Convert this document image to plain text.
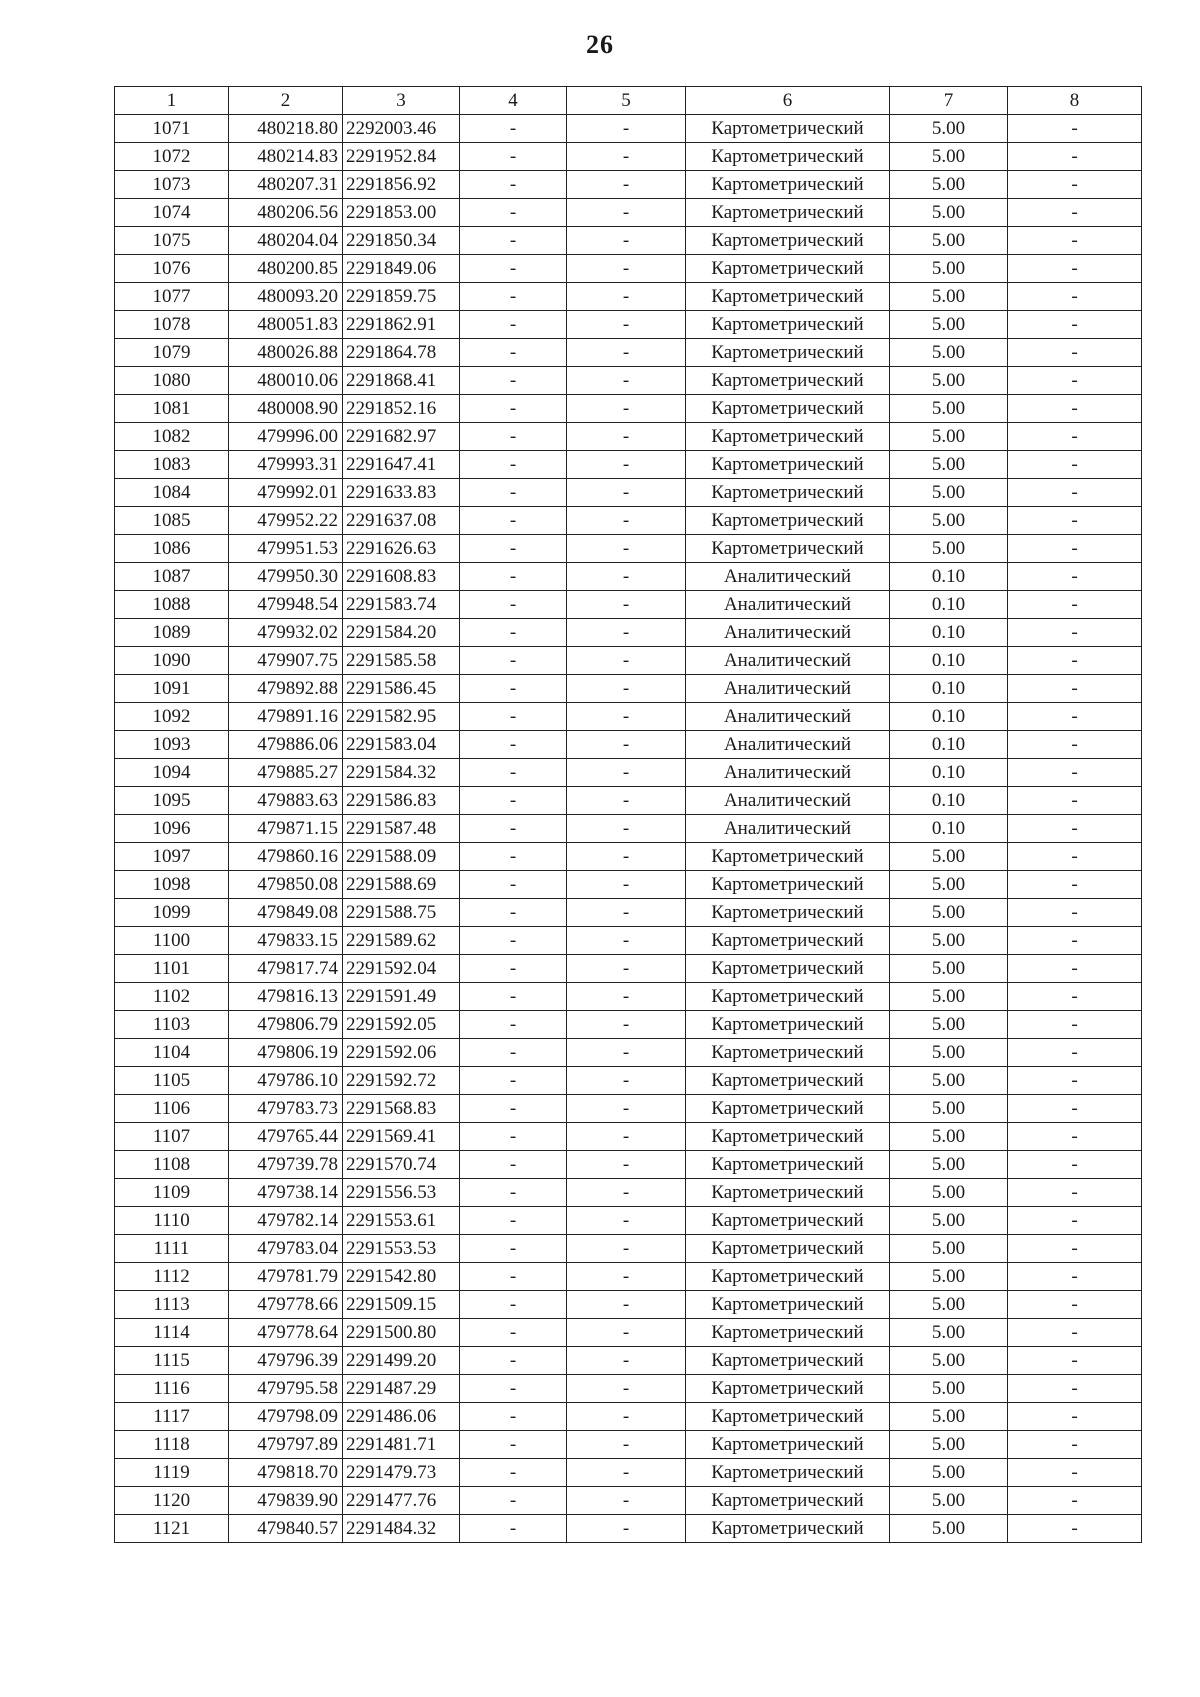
26
1	2	3	4	5	6	7	8
1071	480218.80	2292003.46	-	-	Картометрический	5.00	-
1072	480214.83	2291952.84	-	-	Картометрический	5.00	-
1073	480207.31	2291856.92	-	-	Картометрический	5.00	-
1074	480206.56	2291853.00	-	-	Картометрический	5.00	-
1075	480204.04	2291850.34	-	-	Картометрический	5.00	-
1076	480200.85	2291849.06	-	-	Картометрический	5.00	-
1077	480093.20	2291859.75	-	-	Картометрический	5.00	-
1078	480051.83	2291862.91	-	-	Картометрический	5.00	-
1079	480026.88	2291864.78	-	-	Картометрический	5.00	-
1080	480010.06	2291868.41	-	-	Картометрический	5.00	-
1081	480008.90	2291852.16	-	-	Картометрический	5.00	-
1082	479996.00	2291682.97	-	-	Картометрический	5.00	-
1083	479993.31	2291647.41	-	-	Картометрический	5.00	-
1084	479992.01	2291633.83	-	-	Картометрический	5.00	-
1085	479952.22	2291637.08	-	-	Картометрический	5.00	-
1086	479951.53	2291626.63	-	-	Картометрический	5.00	-
1087	479950.30	2291608.83	-	-	Аналитический	0.10	-
1088	479948.54	2291583.74	-	-	Аналитический	0.10	-
1089	479932.02	2291584.20	-	-	Аналитический	0.10	-
1090	479907.75	2291585.58	-	-	Аналитический	0.10	-
1091	479892.88	2291586.45	-	-	Аналитический	0.10	-
1092	479891.16	2291582.95	-	-	Аналитический	0.10	-
1093	479886.06	2291583.04	-	-	Аналитический	0.10	-
1094	479885.27	2291584.32	-	-	Аналитический	0.10	-
1095	479883.63	2291586.83	-	-	Аналитический	0.10	-
1096	479871.15	2291587.48	-	-	Аналитический	0.10	-
1097	479860.16	2291588.09	-	-	Картометрический	5.00	-
1098	479850.08	2291588.69	-	-	Картометрический	5.00	-
1099	479849.08	2291588.75	-	-	Картометрический	5.00	-
1100	479833.15	2291589.62	-	-	Картометрический	5.00	-
1101	479817.74	2291592.04	-	-	Картометрический	5.00	-
1102	479816.13	2291591.49	-	-	Картометрический	5.00	-
1103	479806.79	2291592.05	-	-	Картометрический	5.00	-
1104	479806.19	2291592.06	-	-	Картометрический	5.00	-
1105	479786.10	2291592.72	-	-	Картометрический	5.00	-
1106	479783.73	2291568.83	-	-	Картометрический	5.00	-
1107	479765.44	2291569.41	-	-	Картометрический	5.00	-
1108	479739.78	2291570.74	-	-	Картометрический	5.00	-
1109	479738.14	2291556.53	-	-	Картометрический	5.00	-
1110	479782.14	2291553.61	-	-	Картометрический	5.00	-
1111	479783.04	2291553.53	-	-	Картометрический	5.00	-
1112	479781.79	2291542.80	-	-	Картометрический	5.00	-
1113	479778.66	2291509.15	-	-	Картометрический	5.00	-
1114	479778.64	2291500.80	-	-	Картометрический	5.00	-
1115	479796.39	2291499.20	-	-	Картометрический	5.00	-
1116	479795.58	2291487.29	-	-	Картометрический	5.00	-
1117	479798.09	2291486.06	-	-	Картометрический	5.00	-
1118	479797.89	2291481.71	-	-	Картометрический	5.00	-
1119	479818.70	2291479.73	-	-	Картометрический	5.00	-
1120	479839.90	2291477.76	-	-	Картометрический	5.00	-
1121	479840.57	2291484.32	-	-	Картометрический	5.00	-
